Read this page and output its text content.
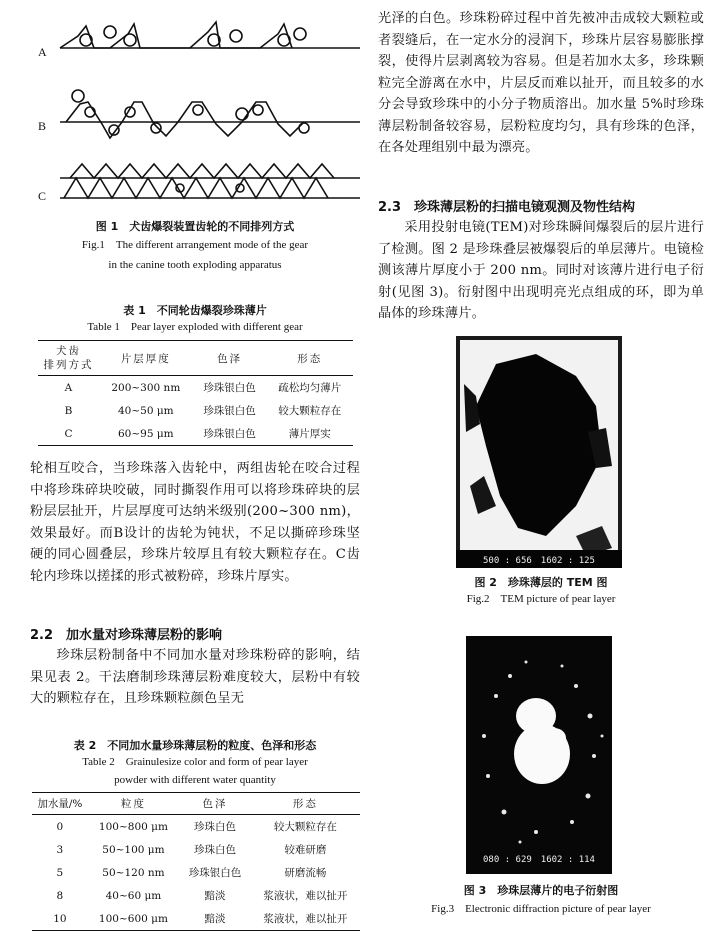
A
B
C
图 1　犬齿爆裂装置齿轮的不同排列方式
Fig.1　The different arrangement mode of the gear
in the canine tooth exploding apparatus
表 1　不同轮齿爆裂珍珠薄片
Table 1　Pear layer exploded with different gear
犬齿
排列方式	片层厚度	色泽	形态
A	200~300 nm	珍珠银白色	疏松均匀薄片
B	40~50 μm	珍珠银白色	较大颗粒存在
C	60~95 μm	珍珠银白色	薄片厚实
轮相互咬合，当珍珠落入齿轮中，两组齿轮在咬合过程中将珍珠碎块咬破，同时撕裂作用可以将珍珠碎块的层粉层层扯开，片层厚度可达纳米级别(200~300 nm)，效果最好。而B设计的齿轮为钝状，不足以撕碎珍珠坚硬的同心圆叠层，珍珠片较厚且有较大颗粒存在。C齿轮内珍珠以搓揉的形式被粉碎，珍珠片厚实。
2.2　加水量对珍珠薄层粉的影响
珍珠层粉制备中不同加水量对珍珠粉碎的影响，结果见表 2。干法磨制珍珠薄层粉难度较大，层粉中有较大的颗粒存在，且珍珠颗粒颜色呈无
表 2　不同加水量珍珠薄层粉的粒度、色泽和形态
Table 2　Grainulesize color and form of pear layer
powder with different water quantity
加水量/%	粒度	色泽	形态
0	100~800 μm	珍珠白色	较大颗粒存在
3	50~100 μm	珍珠白色	较难研磨
5	50~120 nm	珍珠银白色	研磨流畅
8	40~60 μm	黯淡	浆液状，难以扯开
10	100~600 μm	黯淡	浆液状，难以扯开
光泽的白色。珍珠粉碎过程中首先被冲击成较大颗粒或者裂缝后，在一定水分的浸润下，珍珠片层容易膨胀撑裂，使得片层剥离较为容易。但是若加水太多，珍珠颗粒完全游离在水中，片层反而难以扯开，而且较多的水分会导致珍珠中的小分子物质溶出。加水量 5%时珍珠薄层粉制备较容易，层粉粒度均匀，具有珍珠的色泽，在各处理组别中最为漂亮。
2.3　珍珠薄层粉的扫描电镜观测及物性结构
采用投射电镜(TEM)对珍珠瞬间爆裂后的层片进行了检测。图 2 是珍珠叠层被爆裂后的单层薄片。电镜检测该薄片厚度小于 200 nm。同时对该薄片进行电子衍射(见图 3)。衍射图中出现明亮光点组成的环，即为单晶体的珍珠薄片。
500 : 656　1602 : 125
图 2　珍珠薄层的 TEM 图
Fig.2　TEM picture of pear layer
080 : 629　1602 : 114
图 3　珍珠层薄片的电子衍射图
Fig.3　Electronic diffraction picture of pear layer
